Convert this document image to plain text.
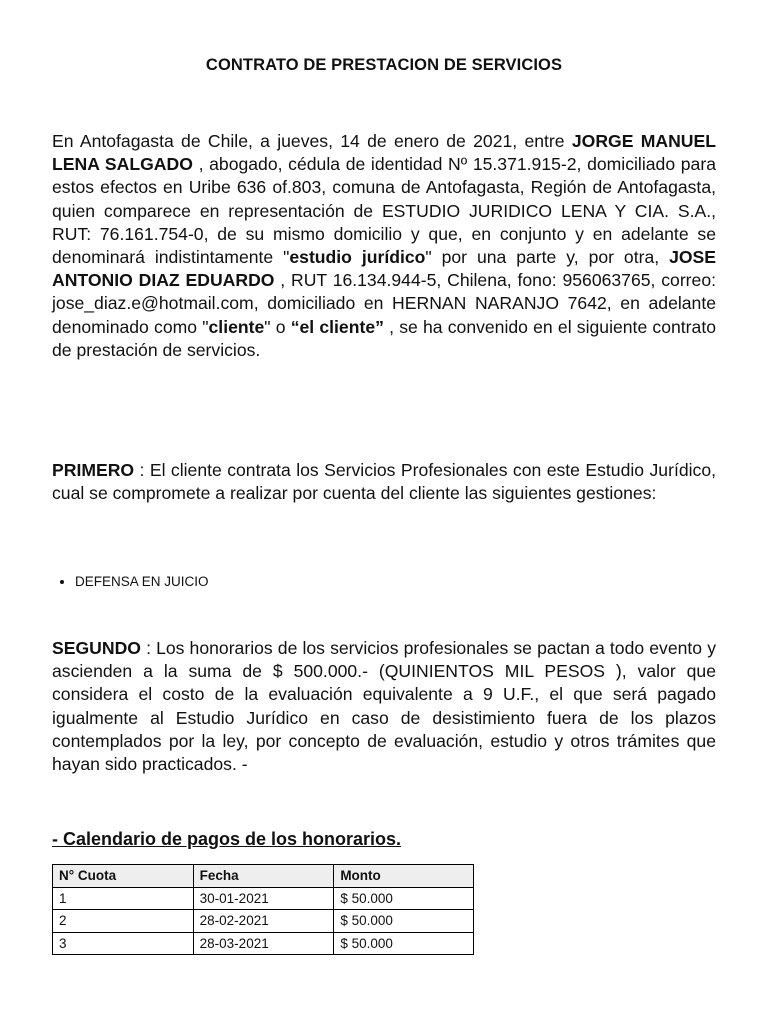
CONTRATO DE PRESTACION DE SERVICIOS

En Antofagasta de Chile, a jueves, 14 de enero de 2021, entre JORGE MANUEL LENA SALGADO , abogado, cédula de identidad Nº 15.371.915-2, domiciliado para estos efectos en Uribe 636 of.803, comuna de Antofagasta, Región de Antofagasta, quien comparece en representación de ESTUDIO JURIDICO LENA Y CIA. S.A., RUT: 76.161.754-0, de su mismo domicilio y que, en conjunto y en adelante se denominará indistintamente "estudio jurídico" por una parte y, por otra, JOSE ANTONIO DIAZ EDUARDO , RUT 16.134.944-5, Chilena, fono: 956063765, correo: jose_diaz.e@hotmail.com, domiciliado en HERNAN NARANJO 7642, en adelante denominado como "cliente" o “el cliente” , se ha convenido en el siguiente contrato de prestación de servicios.

PRIMERO : El cliente contrata los Servicios Profesionales con este Estudio Jurídico, cual se compromete a realizar por cuenta del cliente las siguientes gestiones:

• DEFENSA EN JUICIO

SEGUNDO : Los honorarios de los servicios profesionales se pactan a todo evento y ascienden a la suma de $ 500.000.- (QUINIENTOS MIL PESOS ), valor que considera el costo de la evaluación equivalente a 9 U.F., el que será pagado igualmente al Estudio Jurídico en caso de desistimiento fuera de los plazos contemplados por la ley, por concepto de evaluación, estudio y otros trámites que hayan sido practicados. -

- Calendario de pagos de los honorarios.
N° Cuota	Fecha	Monto
1	30-01-2021	$ 50.000
2	28-02-2021	$ 50.000
3	28-03-2021	$ 50.000
